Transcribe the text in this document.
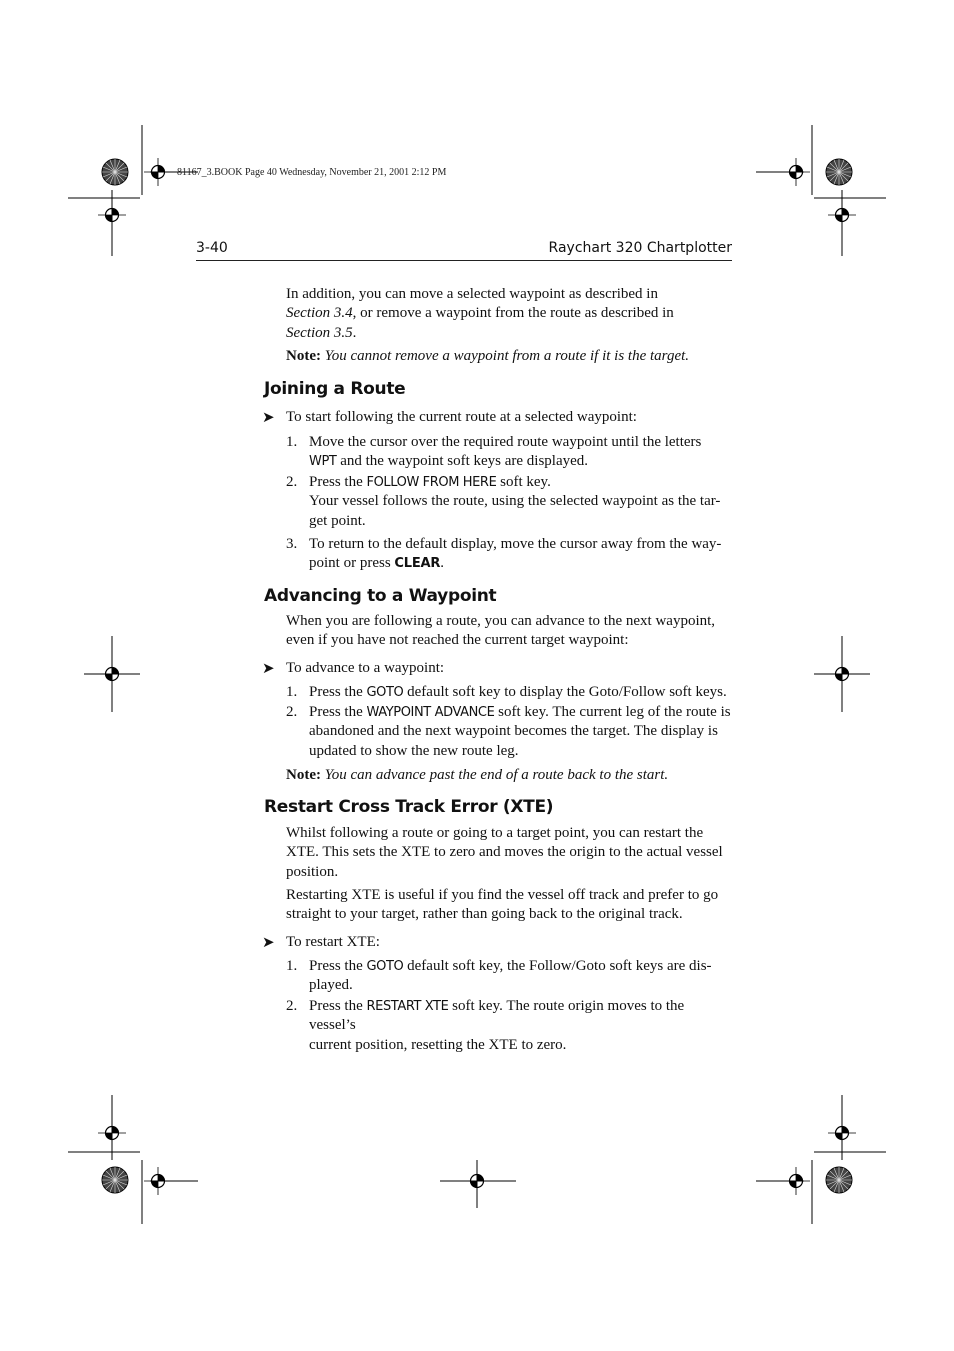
81167_3.BOOK Page 40 Wednesday, November 21, 2001 2:12 PM
3-40	Raychart 320 Chartplotter
In addition, you can move a selected waypoint as described in
Section 3.4, or remove a waypoint from the route as described in
Section 3.5.
Note: You cannot remove a waypoint from a route if it is the target.
Joining a Route
➤ To start following the current route at a selected waypoint:
1. Move the cursor over the required route waypoint until the letters
WPT and the waypoint soft keys are displayed.
2. Press the FOLLOW FROM HERE soft key.
Your vessel follows the route, using the selected waypoint as the tar-
get point.
3. To return to the default display, move the cursor away from the way-
point or press CLEAR.
Advancing to a Waypoint
When you are following a route, you can advance to the next waypoint,
even if you have not reached the current target waypoint:
➤ To advance to a waypoint:
1. Press the GOTO default soft key to display the Goto/Follow soft keys.
2. Press the WAYPOINT ADVANCE soft key. The current leg of the route is
abandoned and the next waypoint becomes the target. The display is
updated to show the new route leg.
Note: You can advance past the end of a route back to the start.
Restart Cross Track Error (XTE)
Whilst following a route or going to a target point, you can restart the
XTE. This sets the XTE to zero and moves the origin to the actual vessel
position.
Restarting XTE is useful if you find the vessel off track and prefer to go
straight to your target, rather than going back to the original track.
➤ To restart XTE:
1. Press the GOTO default soft key, the Follow/Goto soft keys are dis-
played.
2. Press the RESTART XTE soft key. The route origin moves to the vessel’s
current position, resetting the XTE to zero.
